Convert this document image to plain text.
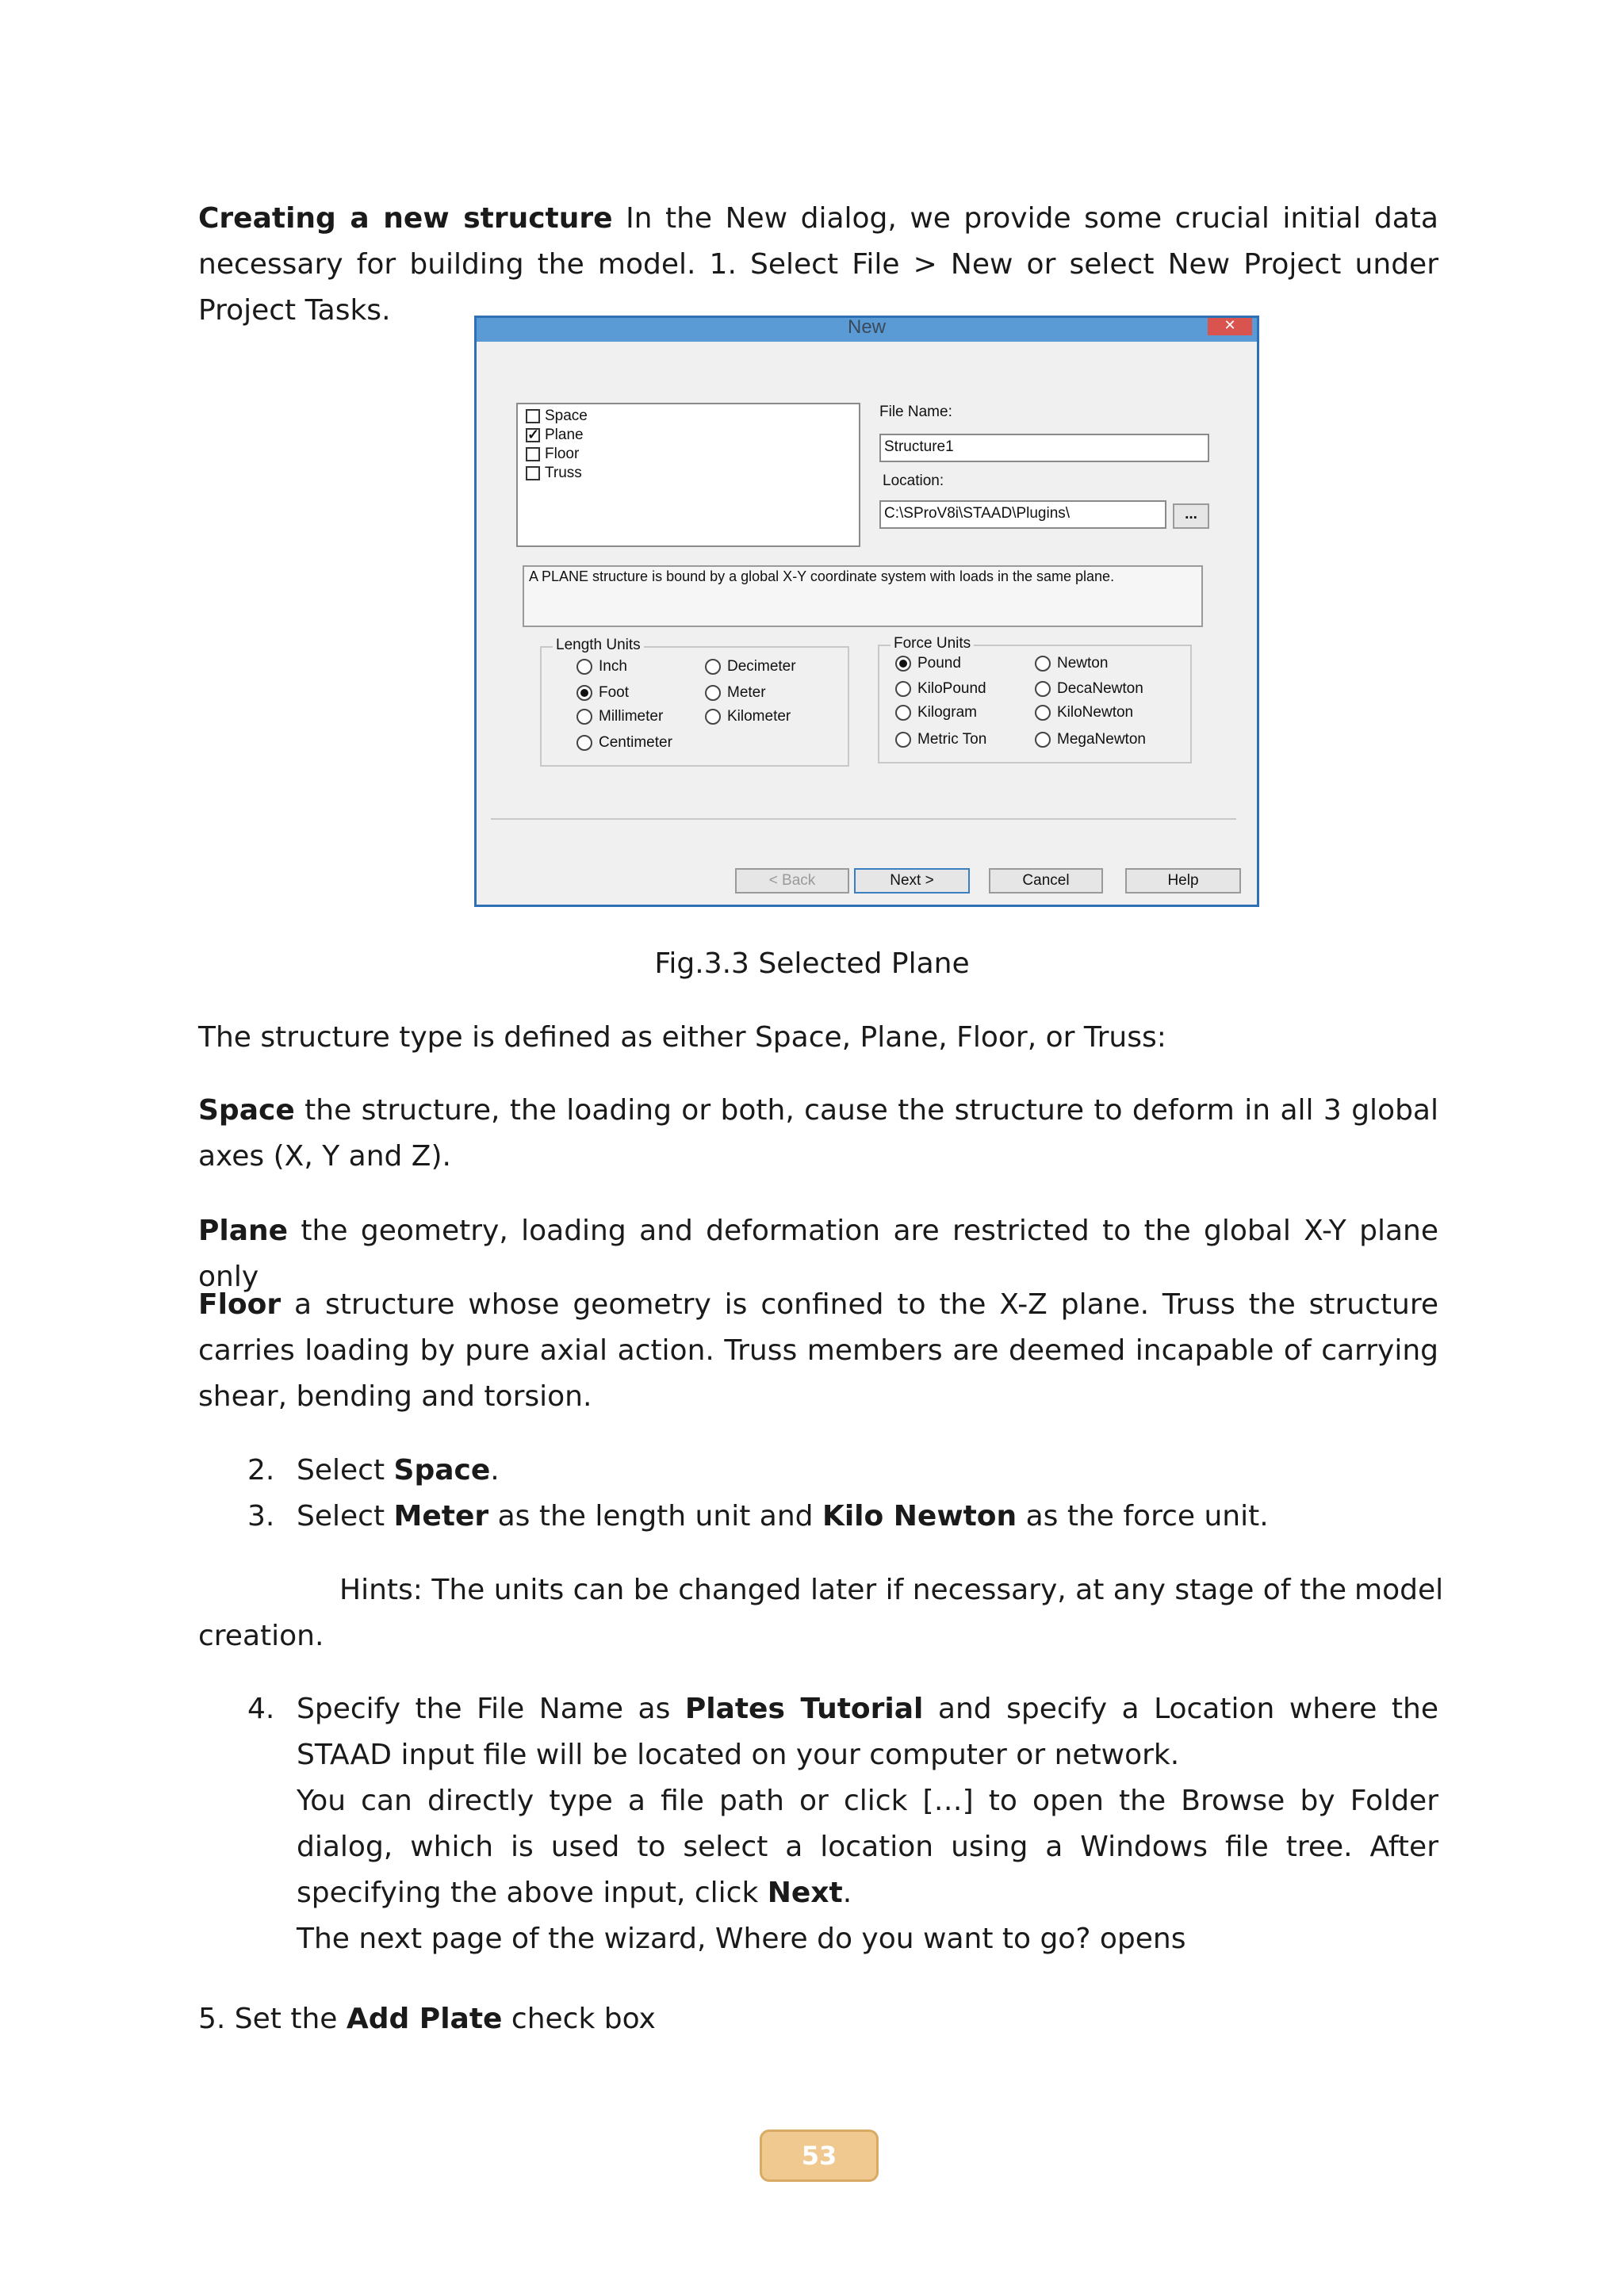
Creating a new structure In the New dialog, we provide some crucial initial data necessary for building the model. 1. Select File > New or select New Project under Project Tasks.

New	✕
Space
✓Plane
Floor
Truss
File Name:
Structure1
Location:
C:\SProV8i\STAAD\Plugins\	...
A PLANE structure is bound by a global X-Y coordinate system with loads in the same plane.
Length Units
Inch	Decimeter
Foot	Meter
Millimeter	Kilometer
Centimeter
Force Units
Pound	Newton
KiloPound	DecaNewton
Kilogram	KiloNewton
Metric Ton	MegaNewton
< Back	Next >	Cancel	Help

Fig.3.3 Selected Plane

The structure type is defined as either Space, Plane, Floor, or Truss:

Space the structure, the loading or both, cause the structure to deform in all 3 global axes (X, Y and Z).

Plane the geometry, loading and deformation are restricted to the global X-Y plane only

Floor a structure whose geometry is confined to the X-Z plane. Truss the structure carries loading by pure axial action. Truss members are deemed incapable of carrying shear, bending and torsion.

2. Select Space.
3. Select Meter as the length unit and Kilo Newton as the force unit.

Hints: The units can be changed later if necessary, at any stage of the model

creation.

4. Specify the File Name as Plates Tutorial and specify a Location where the STAAD input file will be located on your computer or network.
You can directly type a file path or click […] to open the Browse by Folder dialog, which is used to select a location using a Windows file tree. After specifying the above input, click Next.
The next page of the wizard, Where do you want to go? opens

5. Set the Add Plate check box

53
